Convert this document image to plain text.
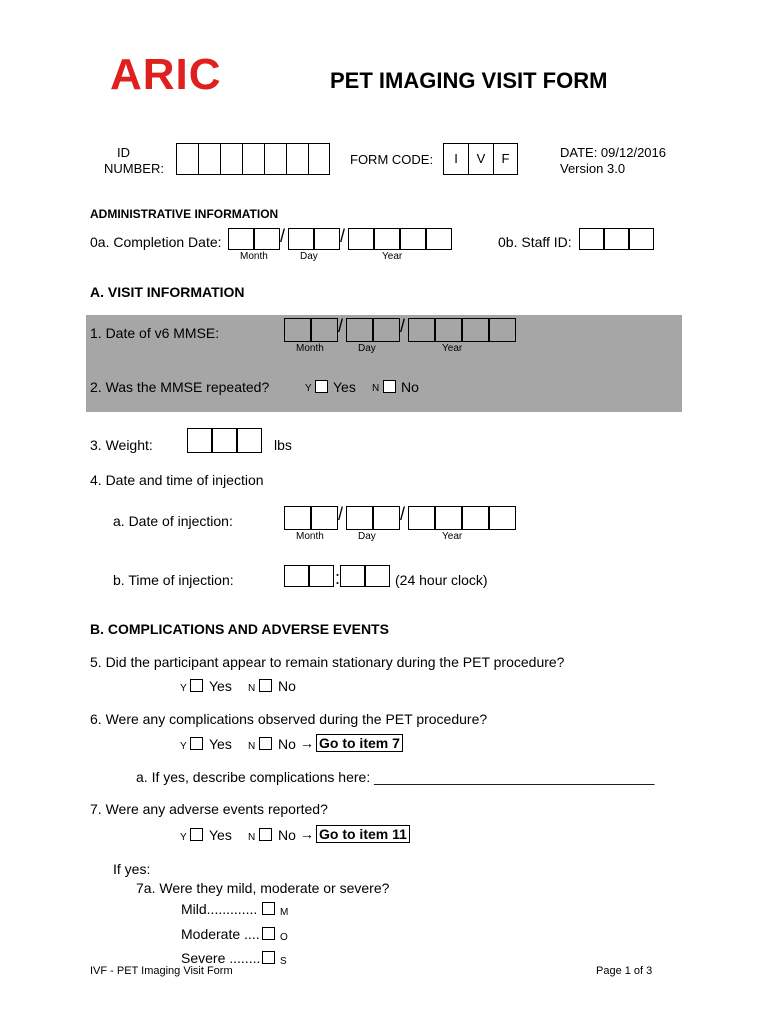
ARIC	PET IMAGING VISIT FORM
ID
NUMBER:
FORM CODE:	I	V	F	DATE: 09/12/2016
Version 3.0
ADMINISTRATIVE INFORMATION
0a. Completion Date:	/	/
Month	Day	Year
0b. Staff ID:
A. VISIT INFORMATION
1. Date of v6 MMSE:	/	/
Month	Day	Year
2. Was the MMSE repeated?	Y Yes N No
3. Weight:	lbs
4. Date and time of injection
a. Date of injection:	/	/
Month	Day	Year
b. Time of injection:	:	(24 hour clock)
B. COMPLICATIONS AND ADVERSE EVENTS
5. Did the participant appear to remain stationary during the PET procedure?
Y Yes N No
6. Were any complications observed during the PET procedure?
Y Yes N No → Go to item 7
a. If yes, describe complications here: ____________________________________
7. Were any adverse events reported?
Y Yes N No → Go to item 11
If yes:
7a. Were they mild, moderate or severe?
Mild............. M
Moderate .... O
Severe ........ S
IVF - PET Imaging Visit Form	Page 1 of 3
